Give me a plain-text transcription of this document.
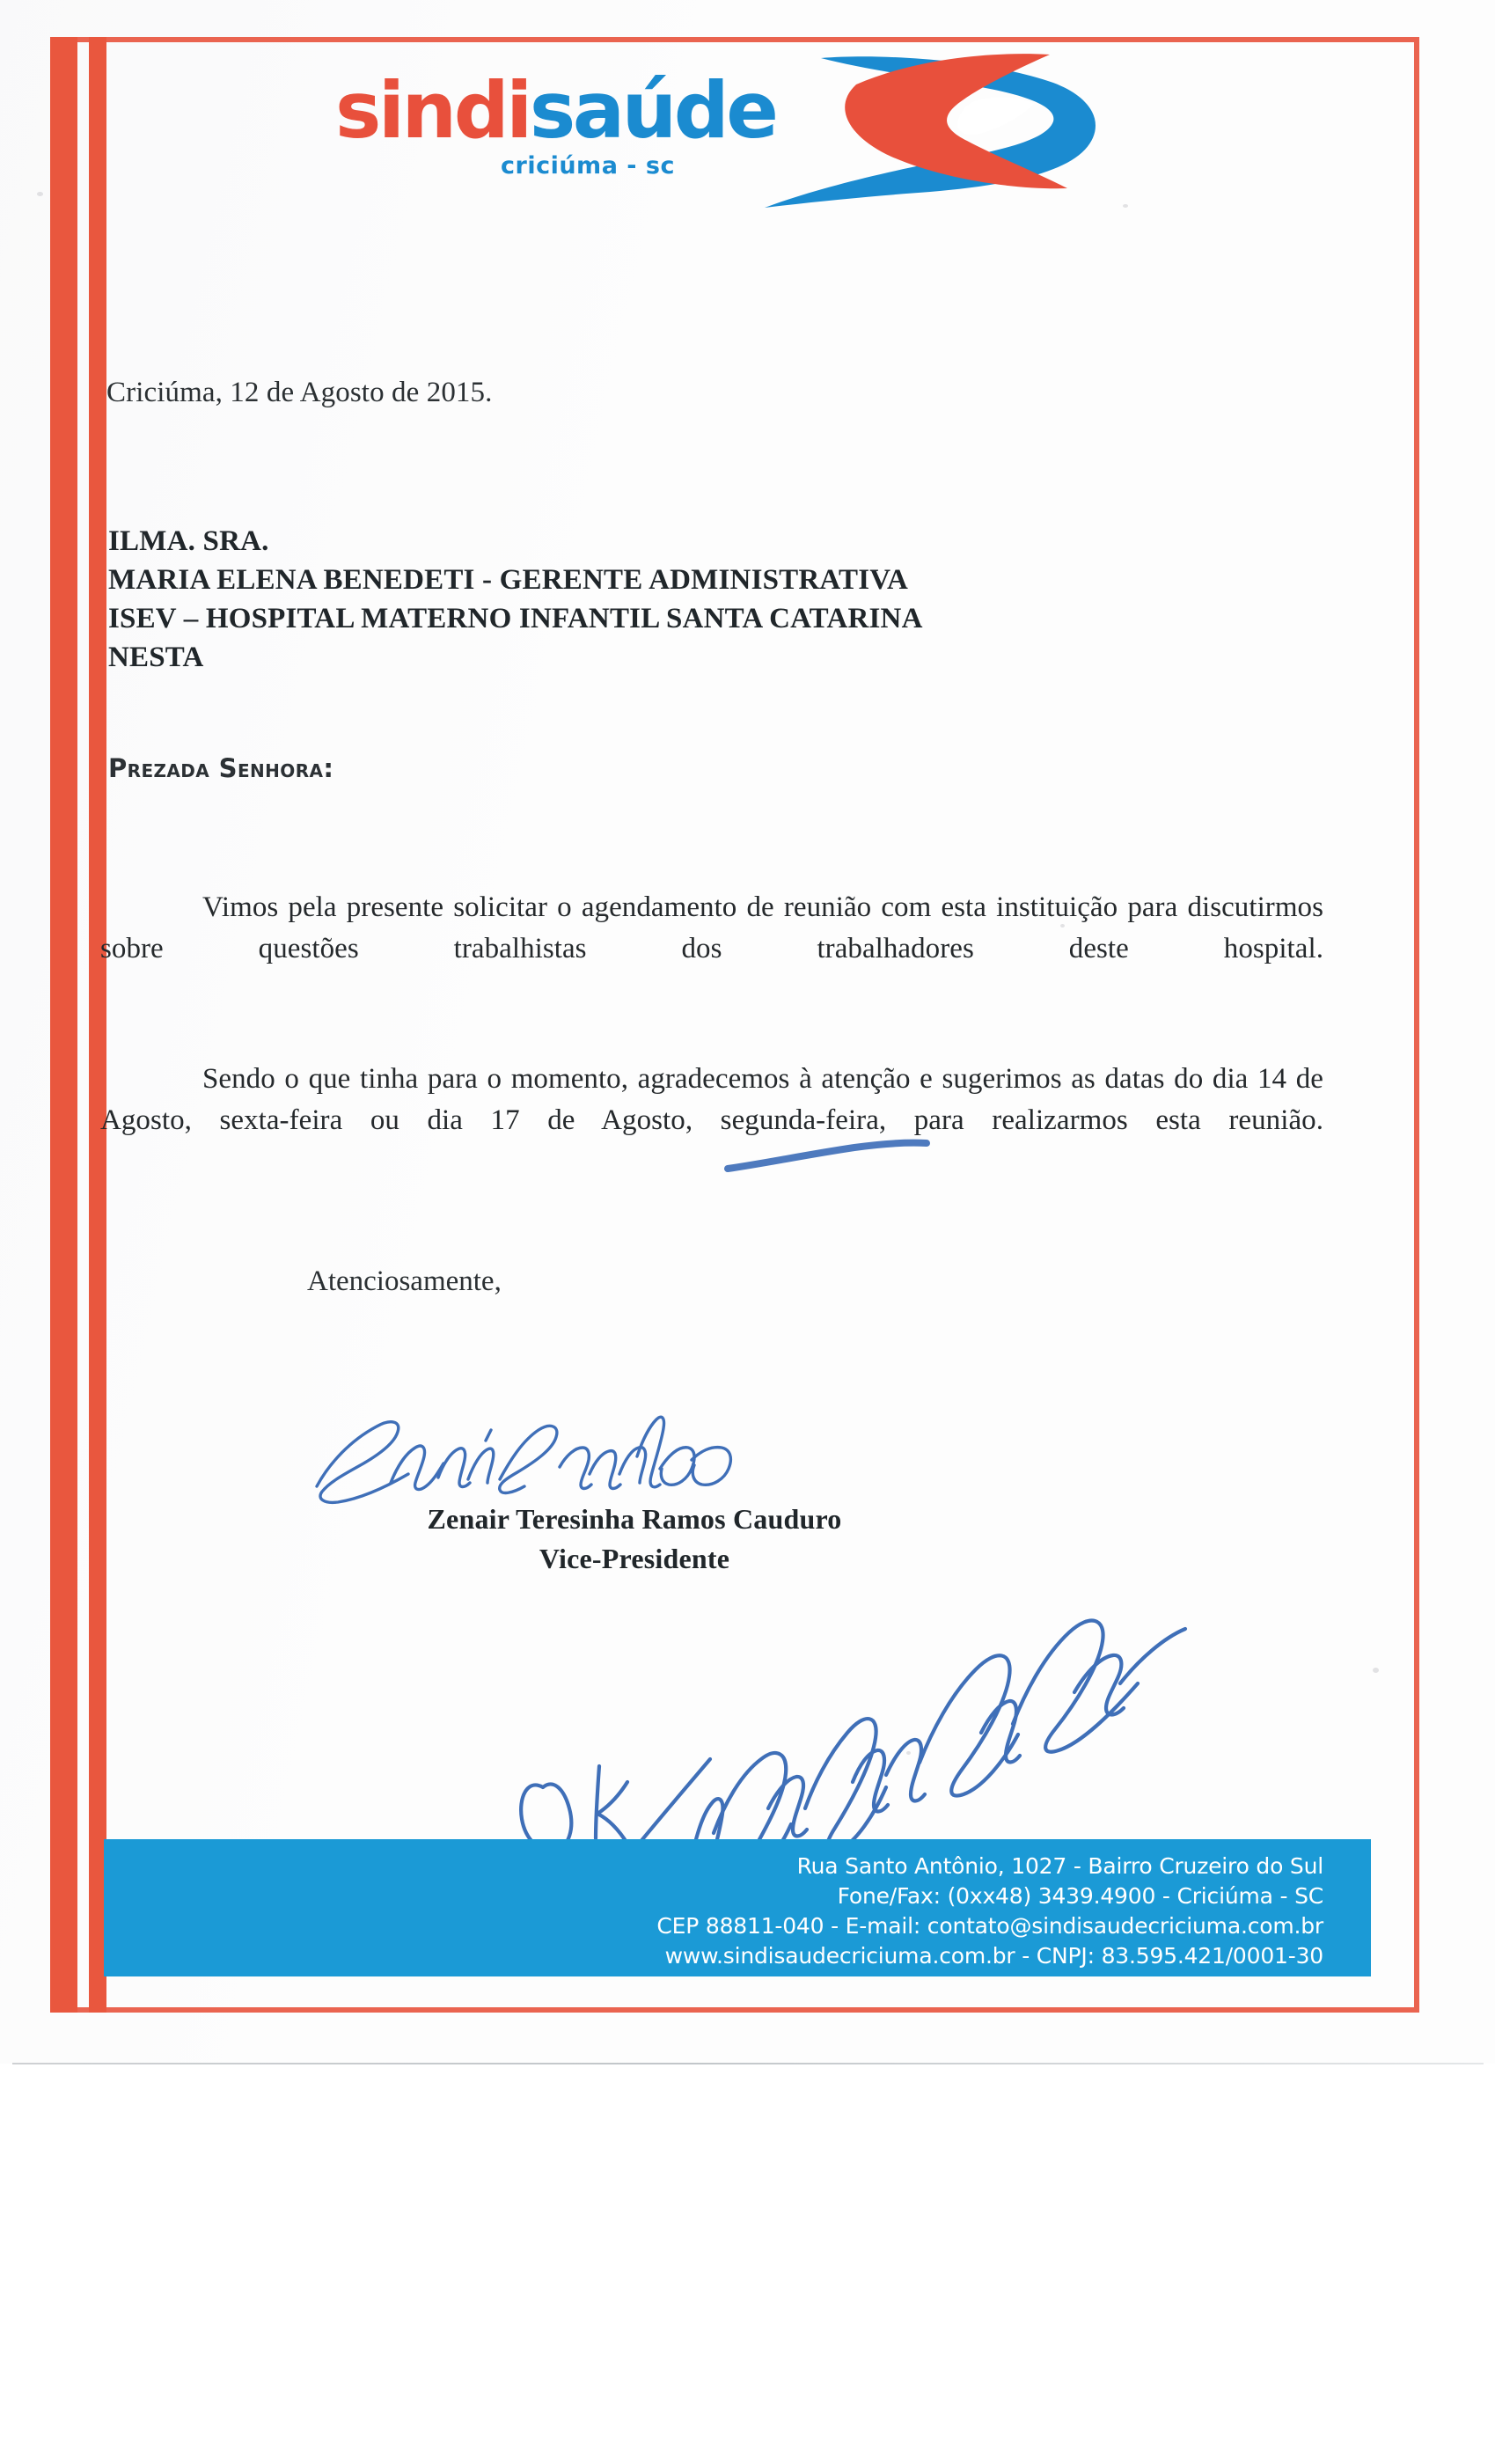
sindisaúde
criciúma - sc
Criciúma, 12 de Agosto de 2015.
ILMA. SRA.
MARIA ELENA BENEDETI - GERENTE ADMINISTRATIVA
ISEV – HOSPITAL MATERNO INFANTIL SANTA CATARINA
NESTA
Prezada Senhora:
Vimos pela presente solicitar o agendamento de reunião com esta instituição para discutirmos sobre questões trabalhistas dos trabalhadores deste hospital.
Sendo o que tinha para o momento, agradecemos à atenção e sugerimos as datas do dia 14 de Agosto, sexta-feira ou dia 17 de Agosto, segunda-feira, para realizarmos esta reunião.
Atenciosamente,
Zenair Teresinha Ramos Cauduro
Vice-Presidente
Rua Santo Antônio, 1027 - Bairro Cruzeiro do Sul
Fone/Fax: (0xx48) 3439.4900 - Criciúma - SC
CEP 88811-040 - E-mail: contato@sindisaudecriciuma.com.br
www.sindisaudecriciuma.com.br - CNPJ: 83.595.421/0001-30
